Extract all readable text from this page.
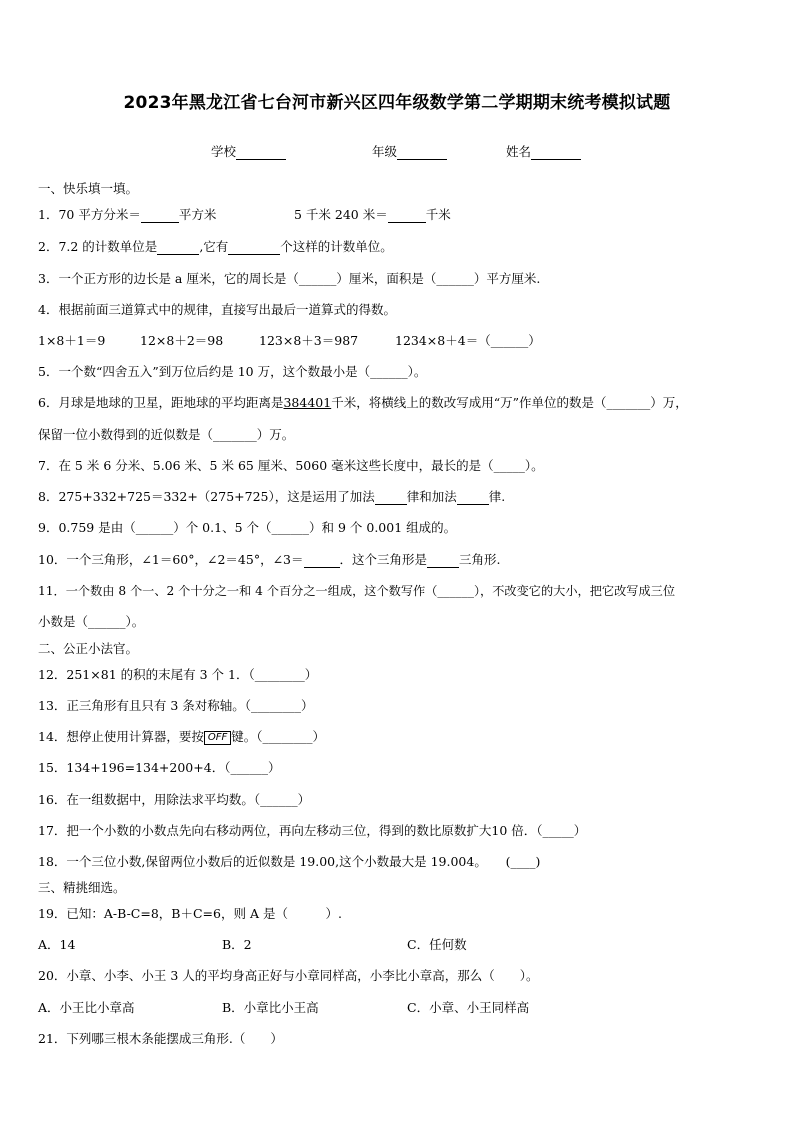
2023年黑龙江省七台河市新兴区四年级数学第二学期期末统考模拟试题
学校	年级	姓名
一、快乐填一填。
1．70 平方分米＝	平方米	5 千米 240 米＝	千米
2．7.2 的计数单位是	,它有	个这样的计数单位。
3．一个正方形的边长是 a 厘米，它的周长是（______）厘米，面积是（______）平方厘米.
4．根据前面三道算式中的规律，直接写出最后一道算式的得数。
1×8＋1＝9	12×8＋2＝98	123×8＋3＝987	1234×8＋4＝（______）
5．一个数“四舍五入”到万位后约是 10 万，这个数最小是（______）。
6．月球是地球的卫星，距地球的平均距离是384401千米，将横线上的数改写成用“万”作单位的数是（_______）万，
保留一位小数得到的近似数是（_______）万。
7．在 5 米 6 分米、5.06 米、5 米 65 厘米、5060 毫米这些长度中，最长的是（_____）。
8．275+332+725＝332+（275+725），这是运用了加法	律和加法	律.
9．0.759 是由（______）个 0.1、5 个（______）和 9 个 0.001 组成的。
10．一个三角形，∠1＝60°，∠2＝45°，∠3＝	．这个三角形是	三角形.
11．一个数由 8 个一、2 个十分之一和 4 个百分之一组成，这个数写作（______），不改变它的大小，把它改写成三位
小数是（______）。
二、公正小法官。
12．251×81 的积的末尾有 3 个 1．（________）
13．正三角形有且只有 3 条对称轴。（________）
14．想停止使用计算器，要按 OFF 键。（________）
15．134+196=134+200+4．（______）
16．在一组数据中，用除法求平均数。（______）
17．把一个小数的小数点先向右移动两位，再向左移动三位，得到的数比原数扩大10 倍．（_____）
18．一个三位小数,保留两位小数后的近似数是 19.00,这个小数最大是 19.004。　　(____)
三、精挑细选。
19．已知：A-B-C=8，B＋C=6，则 A 是（　　　）.
A．14	B．2	C．任何数
20．小章、小李、小王 3 人的平均身高正好与小章同样高，小李比小章高，那么（　　）。
A．小王比小章高	B．小章比小王高	C．小章、小王同样高
21．下列哪三根木条能摆成三角形.（　　）
